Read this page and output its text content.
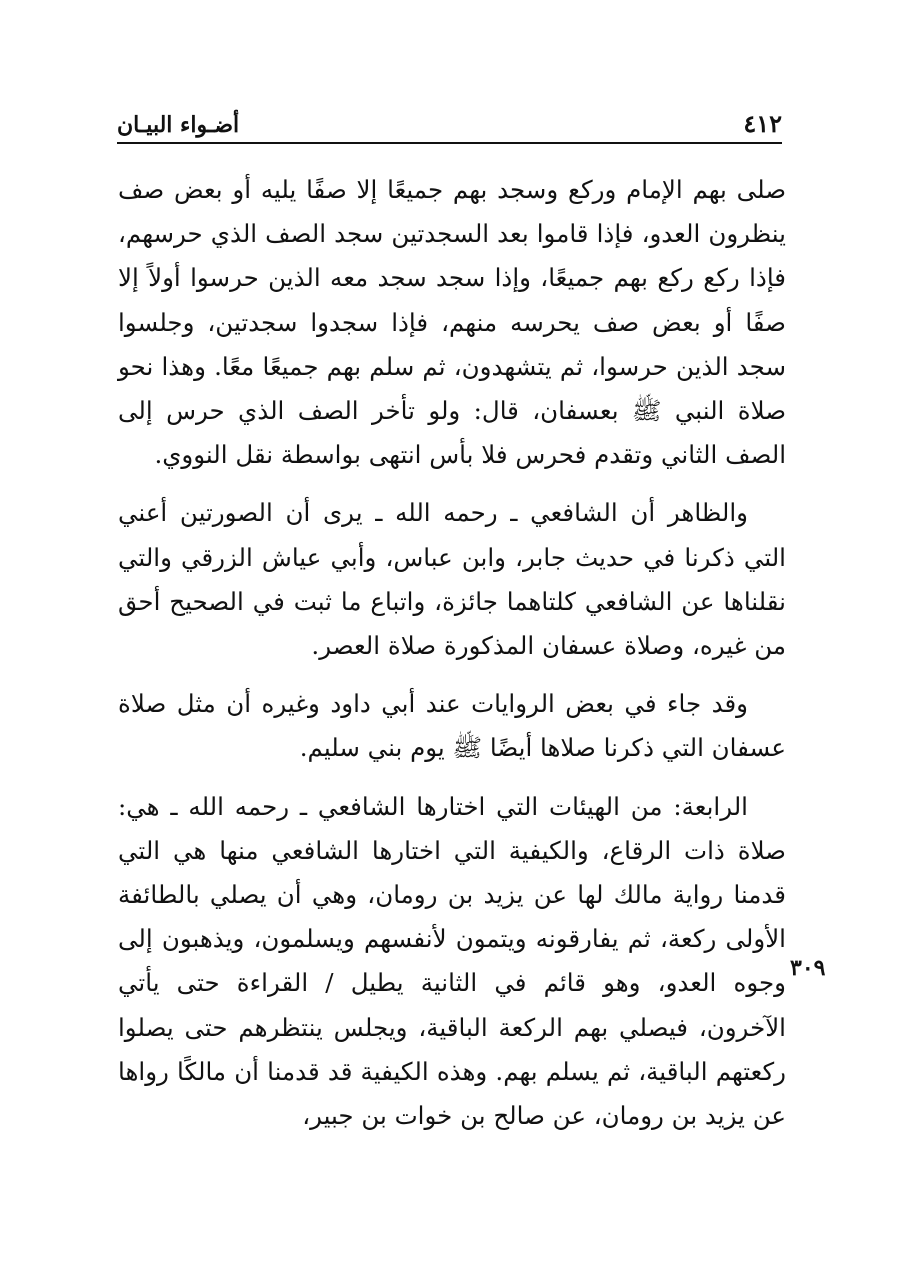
٤١٢
أضـواء البيـان

صلى بهم الإمام وركع وسجد بهم جميعًا إلا صفًا يليه أو بعض صف ينظرون العدو، فإذا قاموا بعد السجدتين سجد الصف الذي حرسهم، فإذا ركع ركع بهم جميعًا، وإذا سجد سجد معه الذين حرسوا أولاً إلا صفًا أو بعض صف يحرسه منهم، فإذا سجدوا سجدتين، وجلسوا سجد الذين حرسوا، ثم يتشهدون، ثم سلم بهم جميعًا معًا. وهذا نحو صلاة النبي ﷺ بعسفان، قال: ولو تأخر الصف الذي حرس إلى الصف الثاني وتقدم فحرس فلا بأس انتهى بواسطة نقل النووي.

والظاهر أن الشافعي ـ رحمه الله ـ يرى أن الصورتين أعني التي ذكرنا في حديث جابر، وابن عباس، وأبي عياش الزرقي والتي نقلناها عن الشافعي كلتاهما جائزة، واتباع ما ثبت في الصحيح أحق من غيره، وصلاة عسفان المذكورة صلاة العصر.

وقد جاء في بعض الروايات عند أبي داود وغيره أن مثل صلاة عسفان التي ذكرنا صلاها أيضًا ﷺ يوم بني سليم.

الرابعة: من الهيئات التي اختارها الشافعي ـ رحمه الله ـ هي: صلاة ذات الرقاع، والكيفية التي اختارها الشافعي منها هي التي قدمنا رواية مالك لها عن يزيد بن رومان، وهي أن يصلي بالطائفة الأولى ركعة، ثم يفارقونه ويتمون لأنفسهم ويسلمون، ويذهبون إلى وجوه العدو، وهو قائم في الثانية يطيل / القراءة حتى يأتي الآخرون، فيصلي بهم الركعة الباقية، ويجلس ينتظرهم حتى يصلوا ركعتهم الباقية، ثم يسلم بهم. وهذه الكيفية قد قدمنا أن مالكًا رواها عن يزيد بن رومان، عن صالح بن خوات بن جبير،

٣٠٩
